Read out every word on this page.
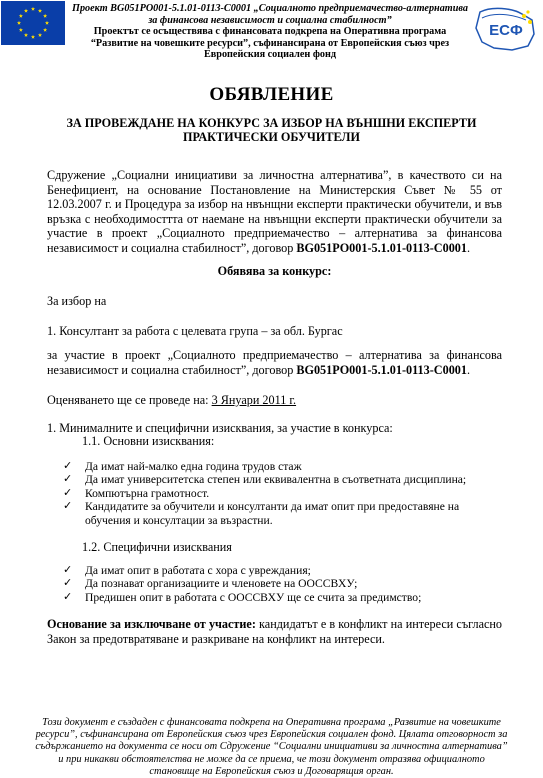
Проект BG051PO001-5.1.01-0113-C0001 „Социалното предприемачество-алтернатива
за финансова независимост и социална стабилност”
Проектът се осъществява с финансовата подкрепа на Оперативна програма
“Развитие на човешките ресурси”, съфинансирана от Европейския съюз чрез
Европейския социален фонд
ЕСФ
ОБЯВЛЕНИЕ
ЗА ПРОВЕЖДАНЕ НА КОНКУРС ЗА ИЗБОР НА ВЪНШНИ ЕКСПЕРТИ
ПРАКТИЧЕСКИ ОБУЧИТЕЛИ
Сдружение „Социални инициативи за личностна алтернатива”, в качеството си на Бенефициент, на основание Постановление на Министерския Съвет № 55 от 12.03.2007 г. и Процедура за избор на нвънщни експерти практически обучители, и във връзка с необходимосттта от наемане на нвънщни експерти практически обучители за участие в проект „Социалното предприемачество – алтернатива за финансова независимост и социална стабилност”, договор BG051PO001-5.1.01-0113-C0001.
Обявява за конкурс:
За избор на
1. Консултант за работа с целевата група – за обл. Бургас
за участие в проект „Социалното предприемачество – алтернатива за финансова независимост и социална стабилност”, договор BG051PO001-5.1.01-0113-C0001.
Оценяването ще се проведе на: 3 Януари 2011 г.
1. Минималните и специфични изисквания, за участие в конкурса:
1.1. Основни изисквания:
✓ Да имат най-малко една година трудов стаж
✓ Да имат университетска степен или еквивалентна в съответната дисциплина;
✓ Компютърна грамотност.
✓ Кандидатите за обучители и консултанти да имат опит при предоставяне на обучения и консултации за възрастни.
1.2. Специфични изисквания
✓ Да имат опит в работата с хора с увреждания;
✓ Да познават организациите и членовете на ООССВХУ;
✓ Предишен опит в работата с ООССВХУ ще се счита за предимство;
Основание за изключване от участие: кандидатът е в конфликт на интереси съгласно Закон за предотвратяване и разкриване на конфликт на интереси.
Този документ е създаден с финансовата подкрепа на Оперативна програма „Развитие на човешките
ресурси”, съфинансирана от Европейския съюз чрез Европейския социален фонд. Цялата отговорност за
съдържанието на документа се носи от Сдружение “Социални инициативи за личностна алтернатива”
и при никакви обстоятелства не може да се приема, че този документ отразява официалното
становище на Европейския съюз и Договарящия орган.
